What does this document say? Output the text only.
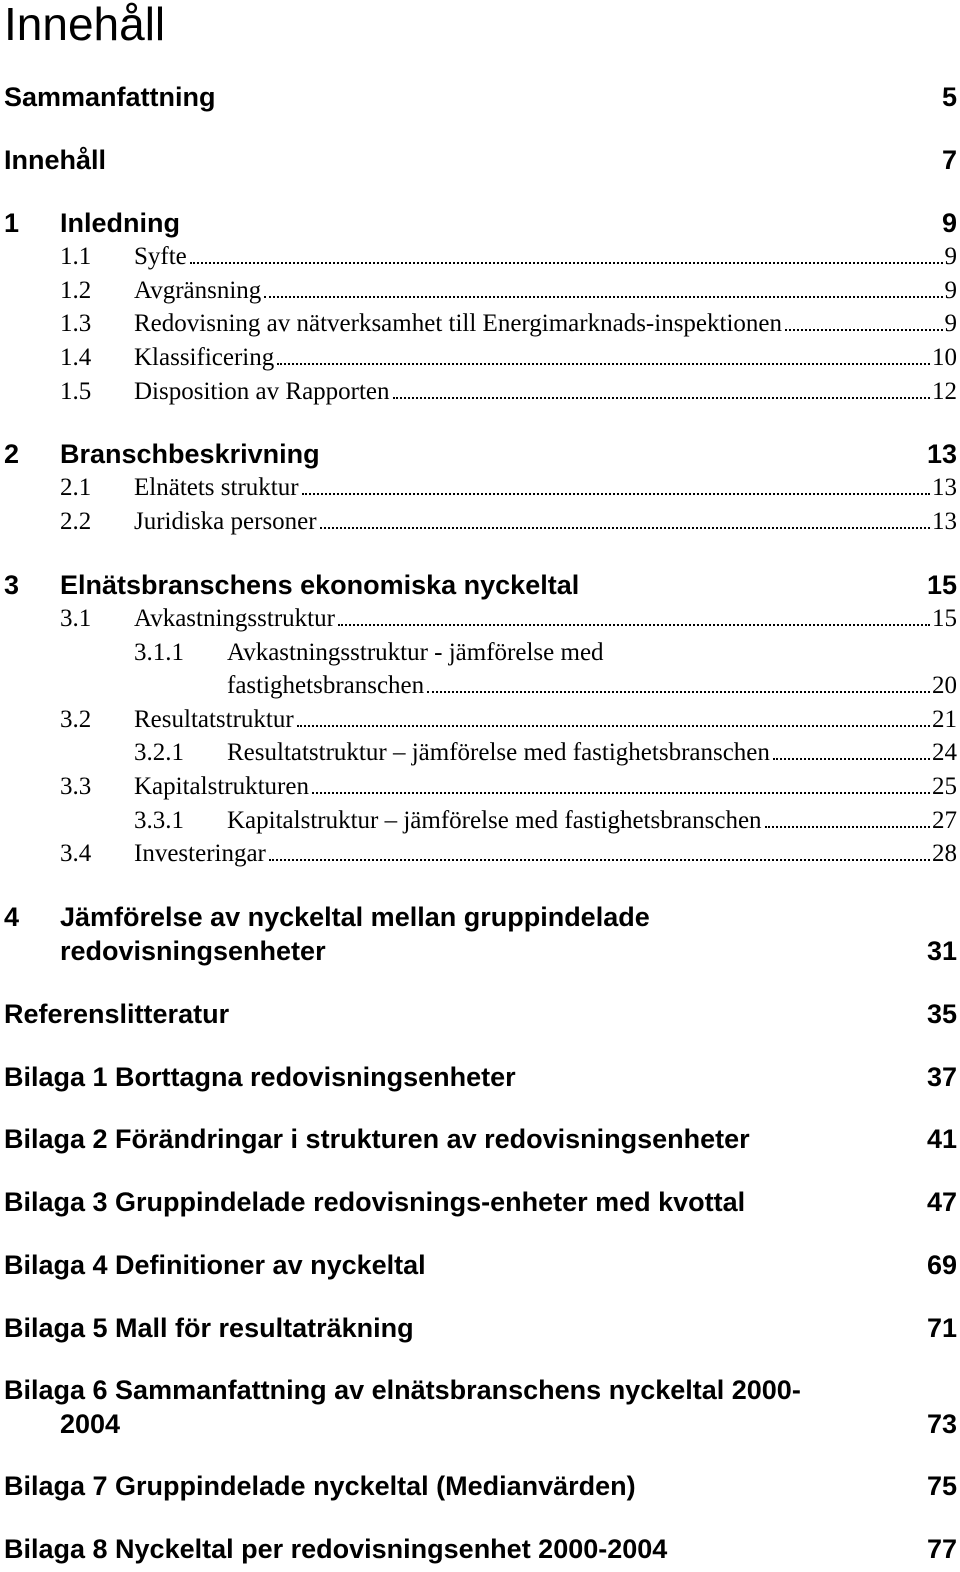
Innehåll
Sammanfattning	5
Innehåll	7
1 Inledning	9
1.1 Syfte	9
1.2 Avgränsning	9
1.3 Redovisning av nätverksamhet till Energimarknads-inspektionen	9
1.4 Klassificering	10
1.5 Disposition av Rapporten	12
2 Branschbeskrivning	13
2.1 Elnätets struktur	13
2.2 Juridiska personer	13
3 Elnätsbranschens ekonomiska nyckeltal	15
3.1 Avkastningsstruktur	15
3.1.1 Avkastningsstruktur - jämförelse med
fastighetsbranschen	20
3.2 Resultatstruktur	21
3.2.1 Resultatstruktur – jämförelse med fastighetsbranschen	24
3.3 Kapitalstrukturen	25
3.3.1 Kapitalstruktur – jämförelse med fastighetsbranschen	27
3.4 Investeringar	28
4 Jämförelse av nyckeltal mellan gruppindelade
redovisningsenheter	31
Referenslitteratur	35
Bilaga 1 Borttagna redovisningsenheter	37
Bilaga 2 Förändringar i strukturen av redovisningsenheter	41
Bilaga 3 Gruppindelade redovisnings-enheter med kvottal	47
Bilaga 4 Definitioner av nyckeltal	69
Bilaga 5 Mall för resultaträkning	71
Bilaga 6 Sammanfattning av elnätsbranschens nyckeltal 2000-
2004	73
Bilaga 7 Gruppindelade nyckeltal (Medianvärden)	75
Bilaga 8 Nyckeltal per redovisningsenhet 2000-2004	77
